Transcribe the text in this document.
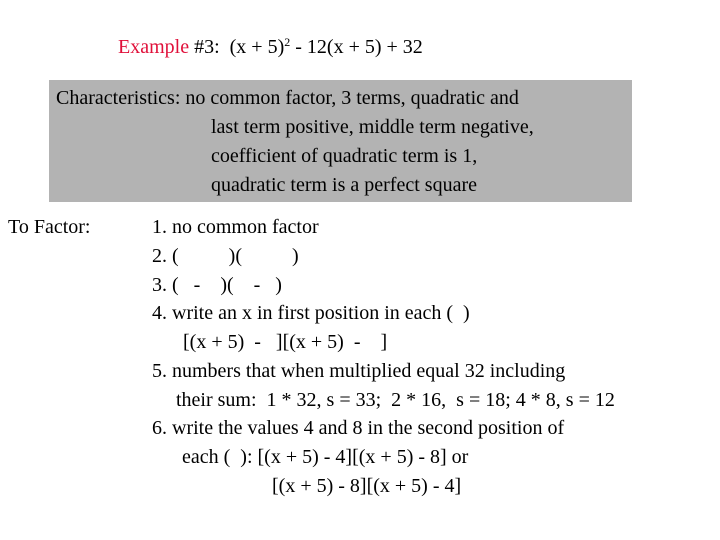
Example #3:  $(x + 5)^2 - 12(x + 5) + 32$
Characteristics: no common factor, 3 terms, quadratic and
last term positive, middle term negative,
coefficient of quadratic term is 1,
quadratic term is a perfect square
To Factor:	1. no common factor
2. (          )(          )
3. (   -    )(    -   )
4. write an x in first position in each (  )
[(x + 5)  -   ][(x + 5)  -    ]
5. numbers that when multiplied equal 32 including
their sum:  1 * 32, s = 33;  2 * 16,  s = 18; 4 * 8, s = 12
6. write the values 4 and 8 in the second position of
each (  ): [(x + 5) - 4][(x + 5) - 8] or
[(x + 5) - 8][(x + 5) - 4]
